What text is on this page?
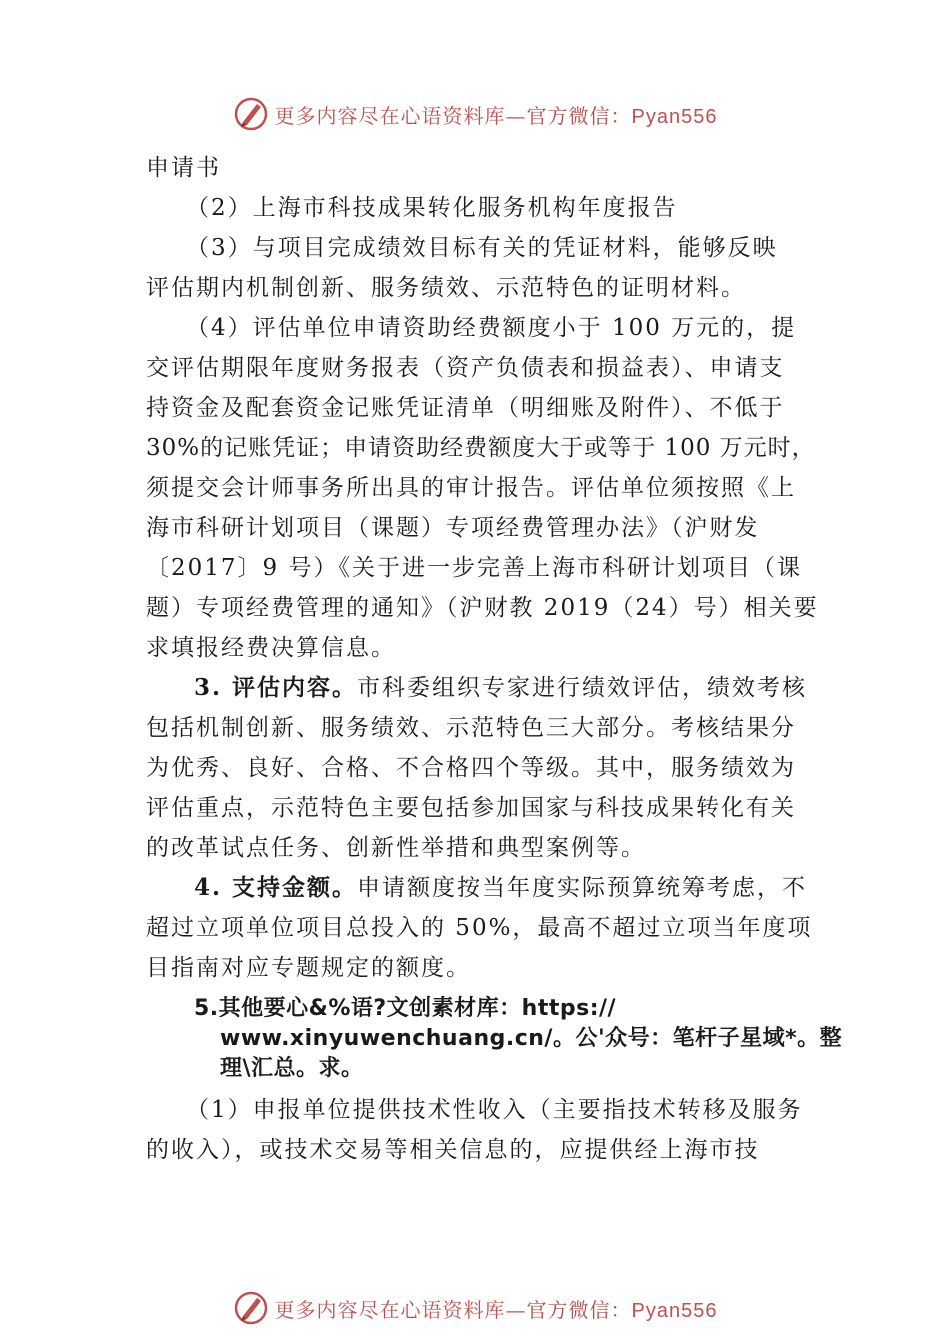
更多内容尽在心语资料库—官方微信：Pyan556
申请书
（2）上海市科技成果转化服务机构年度报告
（3）与项目完成绩效目标有关的凭证材料，能够反映
评估期内机制创新、服务绩效、示范特色的证明材料。
（4）评估单位申请资助经费额度小于 100 万元的，提
交评估期限年度财务报表（资产负债表和损益表）、申请支
持资金及配套资金记账凭证清单（明细账及附件）、不低于
30%的记账凭证；申请资助经费额度大于或等于 100 万元时，
须提交会计师事务所出具的审计报告。评估单位须按照《上
海市科研计划项目（课题）专项经费管理办法》（沪财发
〔2017〕9 号）《关于进一步完善上海市科研计划项目（课
题）专项经费管理的通知》（沪财教 2019（24）号）相关要
求填报经费决算信息。
3. 评估内容。市科委组织专家进行绩效评估，绩效考核
包括机制创新、服务绩效、示范特色三大部分。考核结果分
为优秀、良好、合格、不合格四个等级。其中，服务绩效为
评估重点，示范特色主要包括参加国家与科技成果转化有关
的改革试点任务、创新性举措和典型案例等。
4. 支持金额。申请额度按当年度实际预算统筹考虑，不
超过立项单位项目总投入的 50%，最高不超过立项当年度项
目指南对应专题规定的额度。
5.其他要心&%语?文创素材库：https://
www.xinyuwenchuang.cn/。公'众号：笔杆子星域*。整
理\汇总。求。
（1）申报单位提供技术性收入（主要指技术转移及服务
的收入），或技术交易等相关信息的，应提供经上海市技
更多内容尽在心语资料库—官方微信：Pyan556
